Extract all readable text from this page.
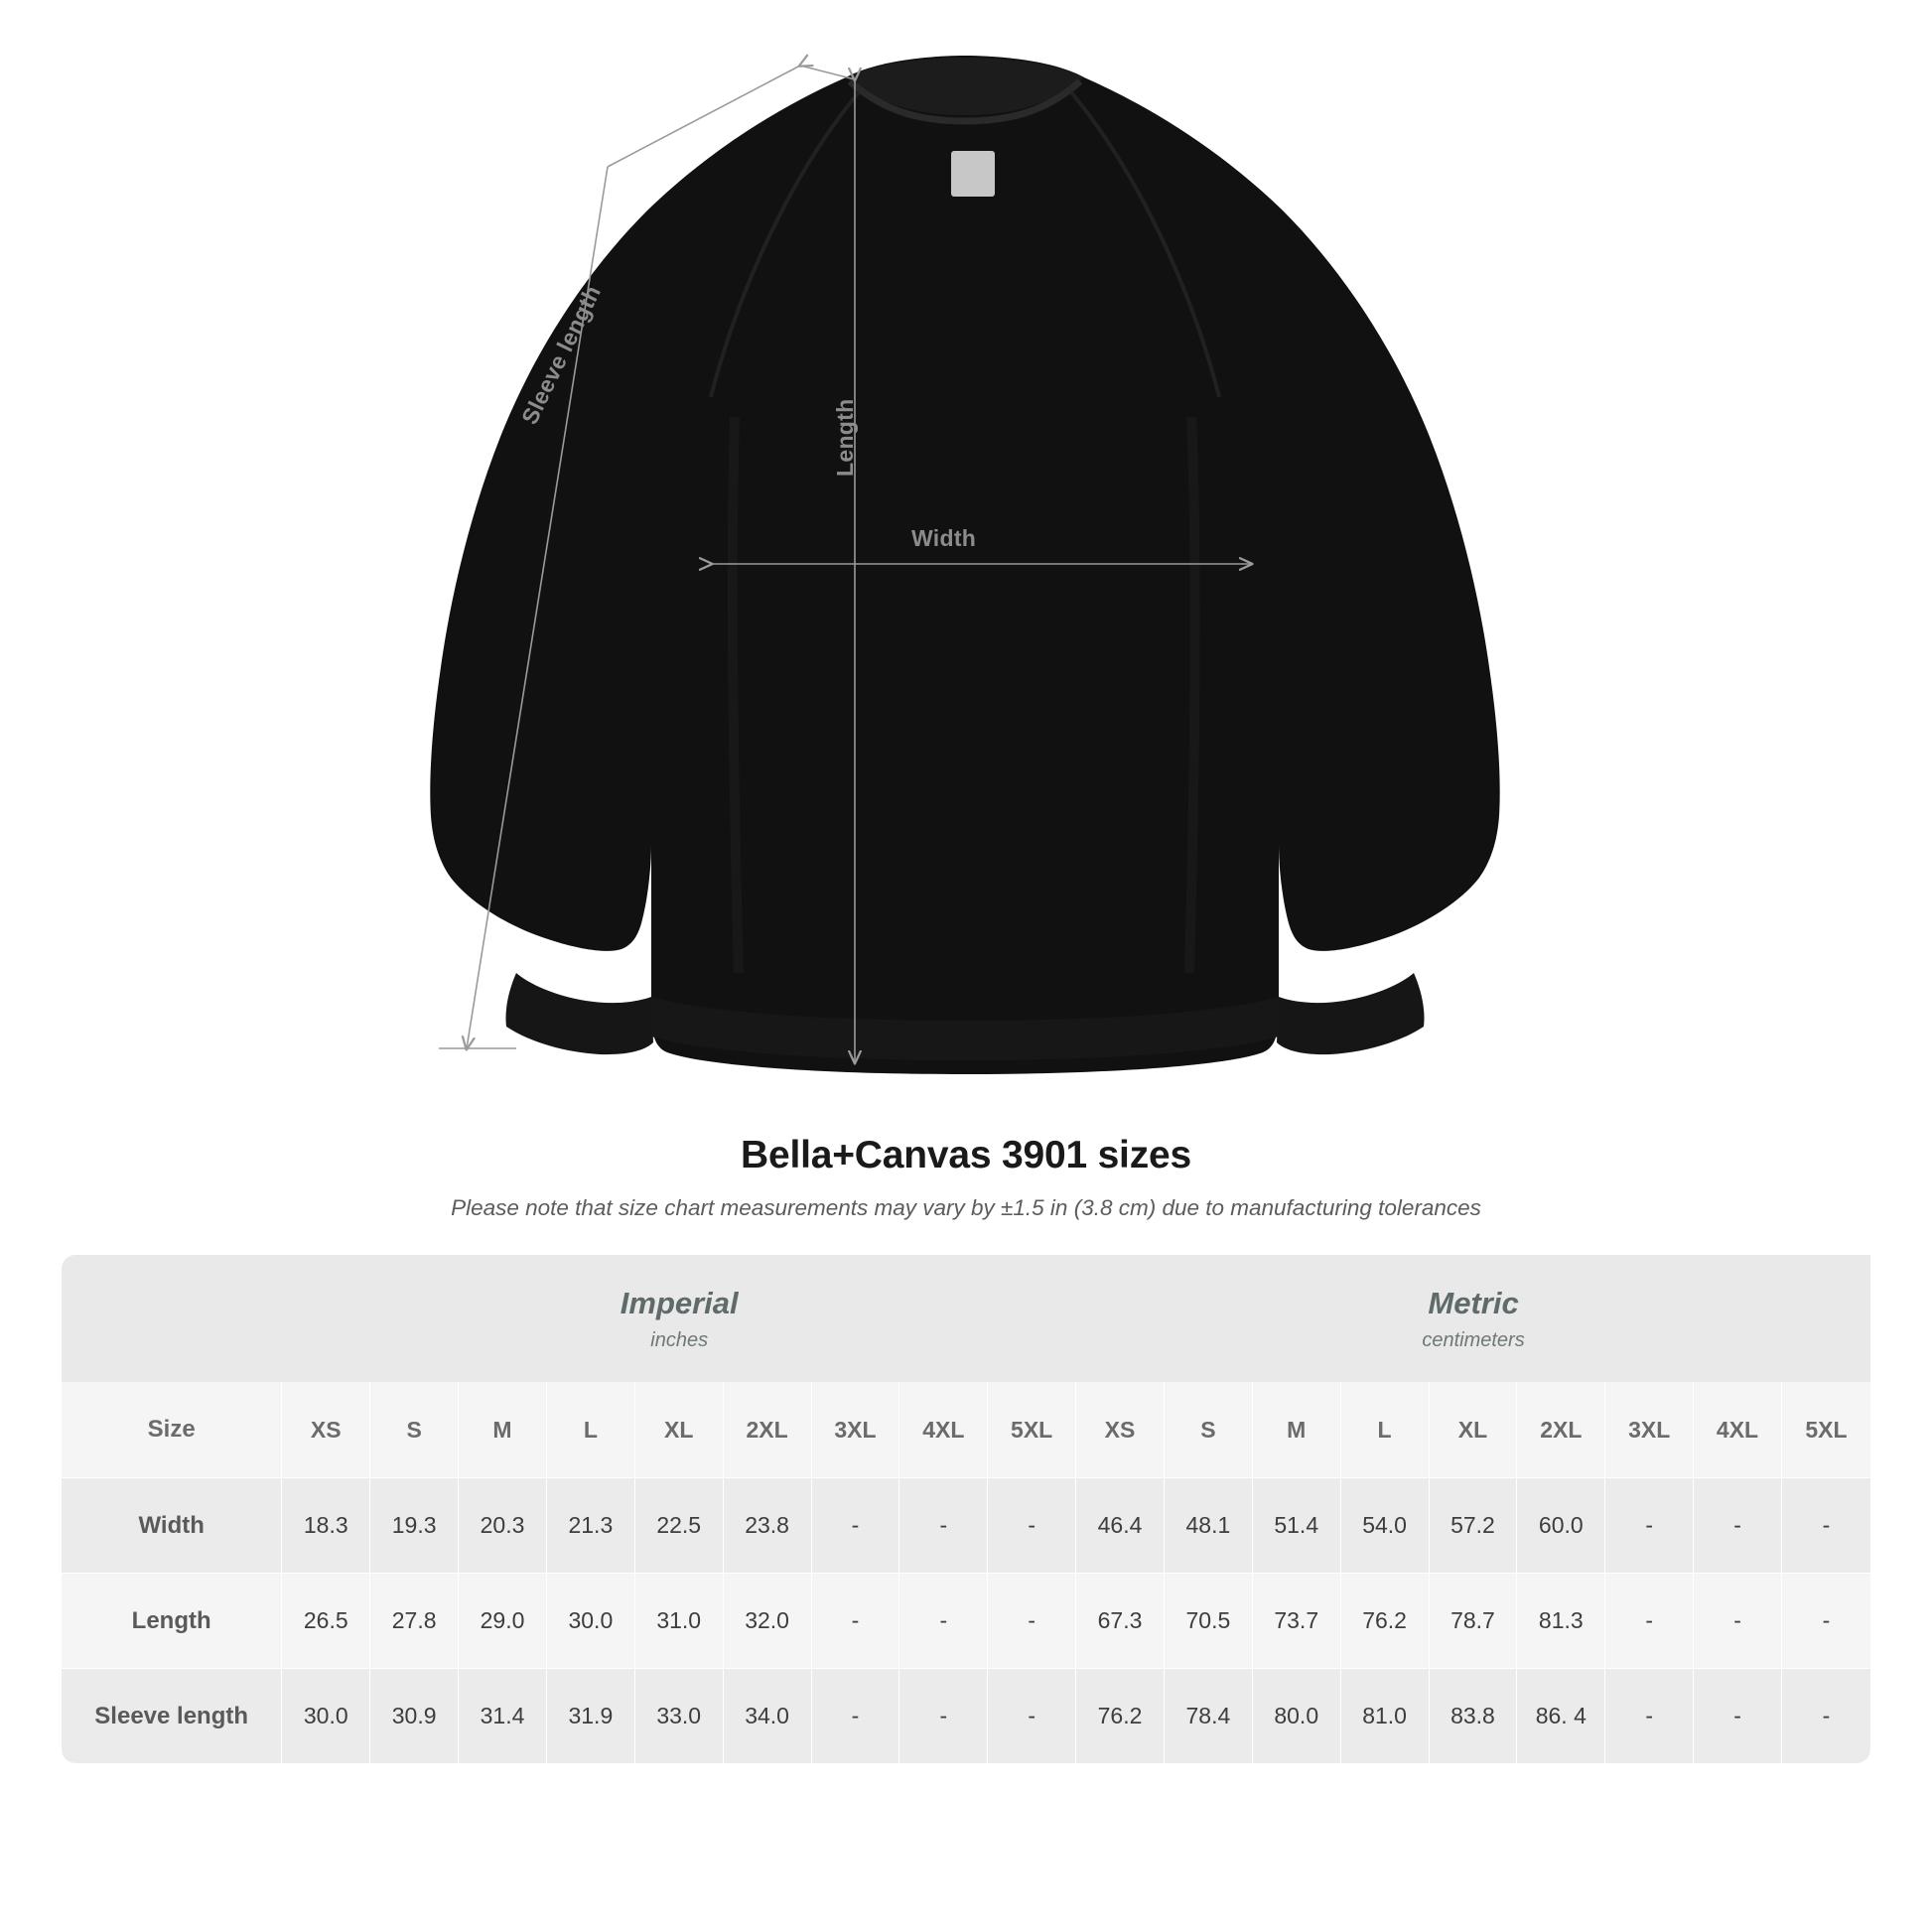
Sleeve length
Length
Width
Bella+Canvas 3901 sizes
Please note that size chart measurements may vary by ±1.5 in (3.8 cm) due to manufacturing tolerances

Imperial
inches

Metric
centimeters

Size	XS	S	M	L	XL	2XL	3XL	4XL	5XL	XS	S	M	L	XL	2XL	3XL	4XL	5XL
Width	18.3	19.3	20.3	21.3	22.5	23.8	-	-	-	46.4	48.1	51.4	54.0	57.2	60.0	-	-	-
Length	26.5	27.8	29.0	30.0	31.0	32.0	-	-	-	67.3	70.5	73.7	76.2	78.7	81.3	-	-	-
Sleeve length	30.0	30.9	31.4	31.9	33.0	34.0	-	-	-	76.2	78.4	80.0	81.0	83.8	86. 4	-	-	-
